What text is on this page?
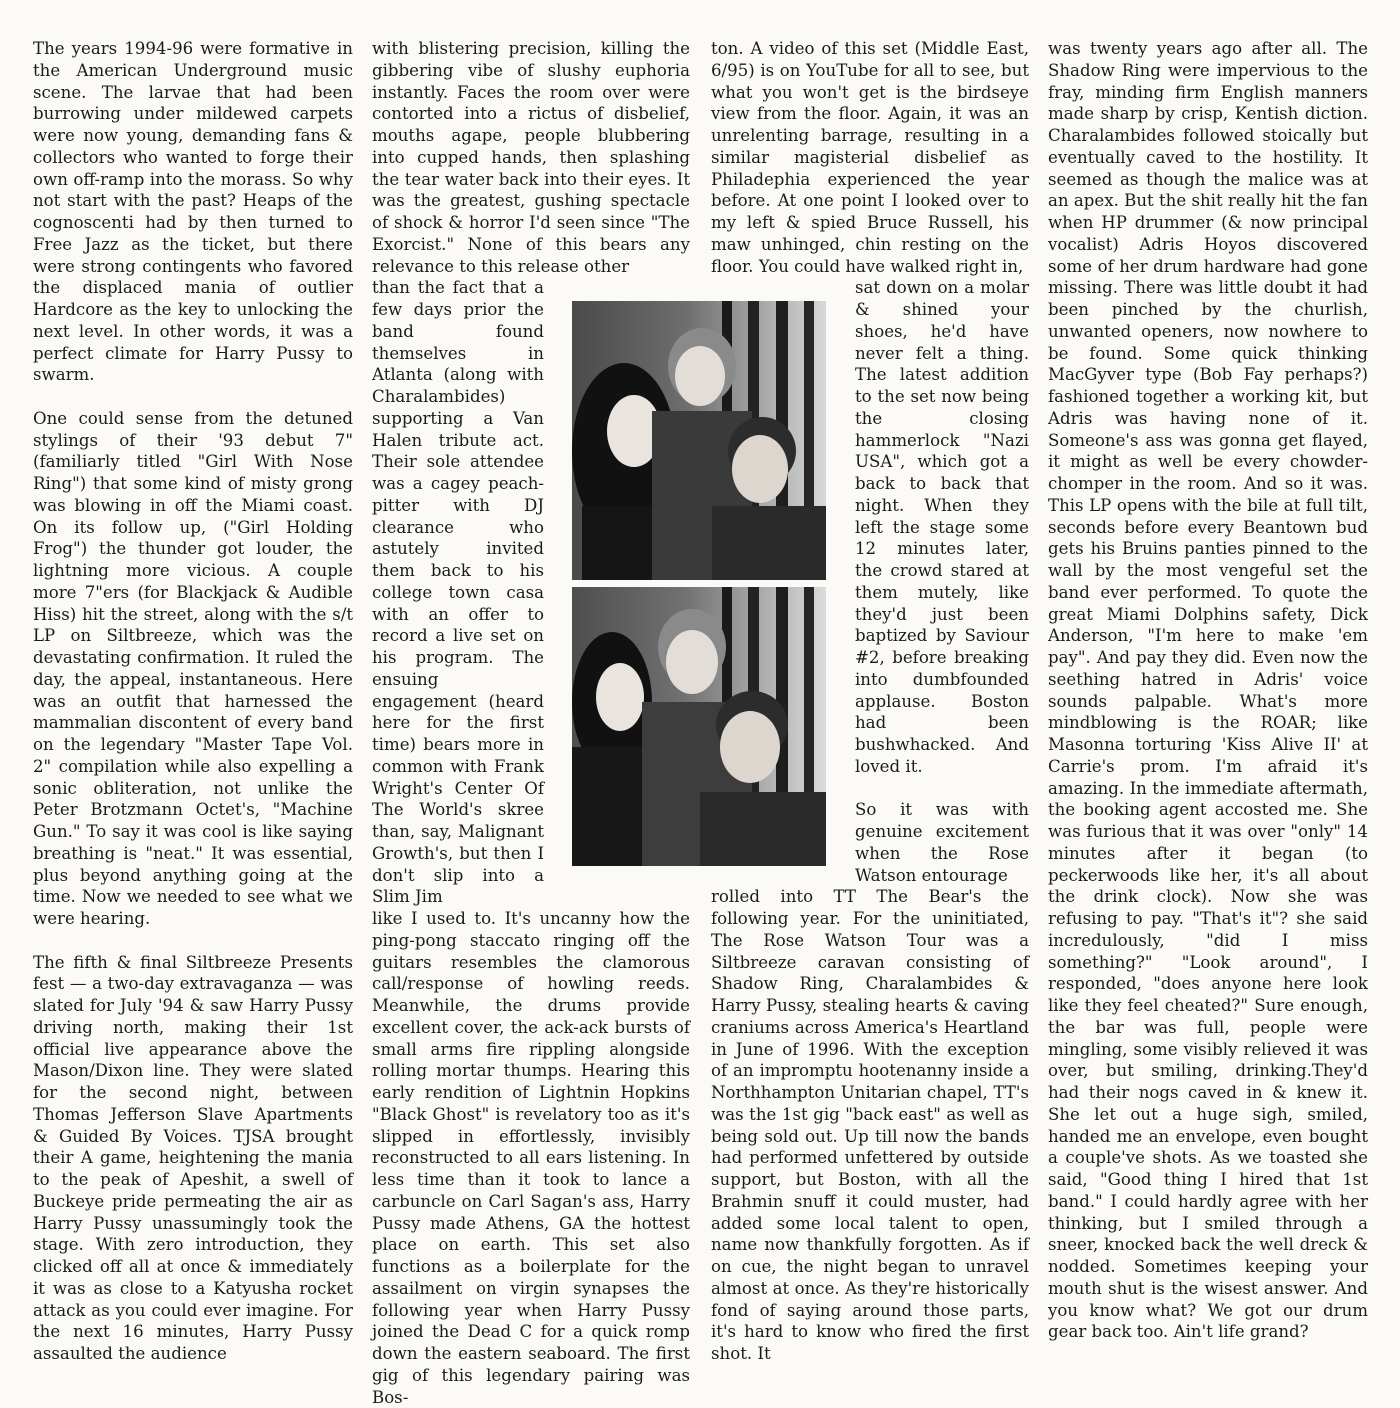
The years 1994-96 were formative in the American Underground music scene. The larvae that had been burrowing under mildewed carpets were now young, demanding fans & collectors who wanted to forge their own off-ramp into the morass. So why not start with the past? Heaps of the cognoscenti had by then turned to Free Jazz as the ticket, but there were strong contingents who favored the displaced mania of outlier Hardcore as the key to unlocking the next level. In other words, it was a perfect climate for Harry Pussy to swarm.

One could sense from the detuned stylings of their '93 debut 7" (familiarly titled "Girl With Nose Ring") that some kind of misty grong was blowing in off the Miami coast. On its follow up, ("Girl Holding Frog") the thunder got louder, the lightning more vicious. A couple more 7"ers (for Blackjack & Audible Hiss) hit the street, along with the s/t LP on Siltbreeze, which was the devastating confirmation. It ruled the day, the appeal, instantaneous. Here was an outfit that harnessed the mammalian discontent of every band on the legendary "Master Tape Vol. 2" compilation while also expelling a sonic obliteration, not unlike the Peter Brotzmann Octet's, "Machine Gun." To say it was cool is like saying breathing is "neat." It was essential, plus beyond anything going at the time. Now we needed to see what we were hearing.

The fifth & final Siltbreeze Presents fest — a two-day extravaganza — was slated for July '94 & saw Harry Pussy driving north, making their 1st official live appearance above the Mason/Dixon line. They were slated for the second night, between Thomas Jefferson Slave Apartments & Guided By Voices. TJSA brought their A game, heightening the mania to the peak of Apeshit, a swell of Buckeye pride permeating the air as Harry Pussy unassumingly took the stage. With zero introduction, they clicked off all at once & immediately it was as close to a Katyusha rocket attack as you could ever imagine. For the next 16 minutes, Harry Pussy assaulted the audience

with blistering precision, killing the gibbering vibe of slushy euphoria instantly. Faces the room over were contorted into a rictus of disbelief, mouths agape, people blubbering into cupped hands, then splashing the tear water back into their eyes. It was the greatest, gushing spectacle of shock & horror I'd seen since "The Exorcist." None of this bears any relevance to this release other
than the fact that a few days prior the band found themselves in Atlanta (along with Charalambides) supporting a Van Halen tribute act. Their sole attendee was a cagey peach-pitter with DJ clearance who astutely invited them back to his college town casa with an offer to record a live set on his program. The ensuing engagement (heard here for the first time) bears more in common with Frank Wright's Center Of The World's skree than, say, Malignant Growth's, but then I don't slip into a Slim Jim
like I used to. It's uncanny how the ping-pong staccato ringing off the guitars resembles the clamorous call/response of howling reeds. Meanwhile, the drums provide excellent cover, the ack-ack bursts of small arms fire rippling alongside rolling mortar thumps. Hearing this early rendition of Lightnin Hopkins "Black Ghost" is revelatory too as it's slipped in effortlessly, invisibly reconstructed to all ears listening. In less time than it took to lance a carbuncle on Carl Sagan's ass, Harry Pussy made Athens, GA the hottest place on earth. This set also functions as a boilerplate for the assailment on virgin synapses the following year when Harry Pussy joined the Dead C for a quick romp down the eastern seaboard. The first gig of this legendary pairing was Bos-
ton. A video of this set (Middle East, 6/95) is on YouTube for all to see, but what you won't get is the birdseye view from the floor. Again, it was an unrelenting barrage, resulting in a similar magisterial disbelief as Philadephia experienced the year before. At one point I looked over to my left & spied Bruce Russell, his maw unhinged, chin resting on the floor. You could have walked right in,
sat down on a molar & shined your shoes, he'd have never felt a thing. The latest addition to the set now being the closing hammerlock "Nazi USA", which got a back to back that night. When they left the stage some 12 minutes later, the crowd stared at them mutely, like they'd just been baptized by Saviour #2, before breaking into dumbfounded applause. Boston had been bushwhacked. And loved it.
So it was with genuine excitement when the Rose Watson entourage
rolled into TT The Bear's the following year. For the uninitiated, The Rose Watson Tour was a Siltbreeze caravan consisting of Shadow Ring, Charalambides & Harry Pussy, stealing hearts & caving craniums across America's Heartland in June of 1996. With the exception of an impromptu hootenanny inside a Northhampton Unitarian chapel, TT's was the 1st gig "back east" as well as being sold out. Up till now the bands had performed unfettered by outside support, but Boston, with all the Brahmin snuff it could muster, had added some local talent to open, name now thankfully forgotten. As if on cue, the night began to unravel almost at once. As they're historically fond of saying around those parts, it's hard to know who fired the first shot. It

was twenty years ago after all. The Shadow Ring were impervious to the fray, minding firm English manners made sharp by crisp, Kentish diction. Charalambides followed stoically but eventually caved to the hostility. It seemed as though the malice was at an apex. But the shit really hit the fan when HP drummer (& now principal vocalist) Adris Hoyos discovered some of her drum hardware had gone missing. There was little doubt it had been pinched by the churlish, unwanted openers, now nowhere to be found. Some quick thinking MacGyver type (Bob Fay perhaps?) fashioned together a working kit, but Adris was having none of it. Someone's ass was gonna get flayed, it might as well be every chowder-chomper in the room. And so it was. This LP opens with the bile at full tilt, seconds before every Beantown bud gets his Bruins panties pinned to the wall by the most vengeful set the band ever performed. To quote the great Miami Dolphins safety, Dick Anderson, "I'm here to make 'em pay". And pay they did. Even now the seething hatred in Adris' voice sounds palpable. What's more mindblowing is the ROAR; like Masonna torturing 'Kiss Alive II' at Carrie's prom. I'm afraid it's amazing. In the immediate aftermath, the booking agent accosted me. She was furious that it was over "only" 14 minutes after it began (to peckerwoods like her, it's all about the drink clock). Now she was refusing to pay. "That's it"? she said incredulously, "did I miss something?" "Look around", I responded, "does anyone here look like they feel cheated?" Sure enough, the bar was full, people were mingling, some visibly relieved it was over, but smiling, drinking.They'd had their nogs caved in & knew it. She let out a huge sigh, smiled, handed me an envelope, even bought a couple've shots. As we toasted she said, "Good thing I hired that 1st band." I could hardly agree with her thinking, but I smiled through a sneer, knocked back the well dreck & nodded. Sometimes keeping your mouth shut is the wisest answer. And you know what? We got our drum gear back too. Ain't life grand?
